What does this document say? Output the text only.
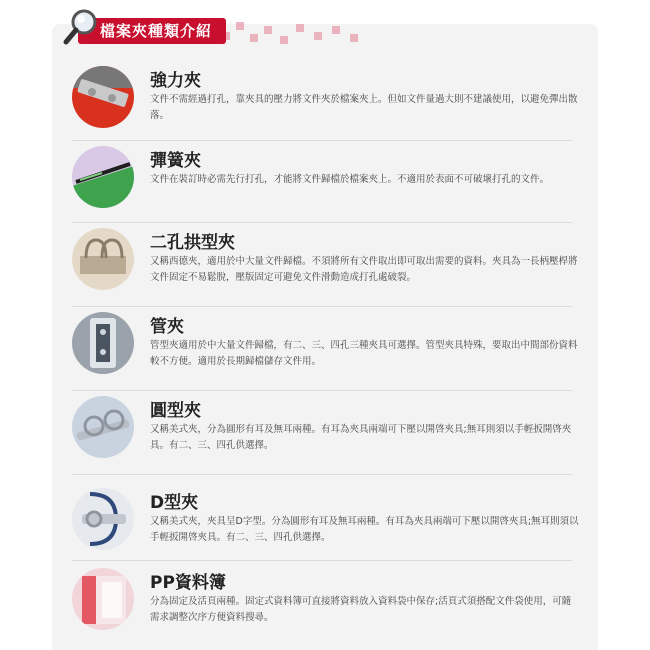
檔案夾種類介紹
強力夾
文件不需經過打孔，靠夾具的壓力將文件夾於檔案夾上。但如文件量過大則不建議使用，以避免彈出散落。
彈簧夾
文件在裝訂時必需先行打孔，才能將文件歸檔於檔案夾上。不適用於表面不可破壞打孔的文件。
二孔拱型夾
又稱西德夾，適用於中大量文件歸檔。不須將所有文件取出即可取出需要的資料。夾具為一長柄壓桿將文件固定不易鬆脫，壓版固定可避免文件滑動造成打孔處破裂。
管夾
管型夾適用於中大量文件歸檔，有二、三、四孔三種夾具可選擇。管型夾具特殊，要取出中間部份資料較不方便。適用於長期歸檔儲存文件用。
圓型夾
又稱美式夾，分為圓形有耳及無耳兩種。有耳為夾具兩端可下壓以開啓夾具;無耳則須以手輕扳開啓夾具。有二、三、四孔供選擇。
D型夾
又稱美式夾，夾具呈D字型。分為圓形有耳及無耳兩種。有耳為夾具兩端可下壓以開啓夾具;無耳則須以手輕扳開啓夾具。有二、三、四孔供選擇。
PP資料簿
分為固定及活頁兩種。固定式資料簿可直接將資料放入資料袋中保存;活頁式須搭配文件袋使用，可隨需求調整次序方便資料搜尋。
